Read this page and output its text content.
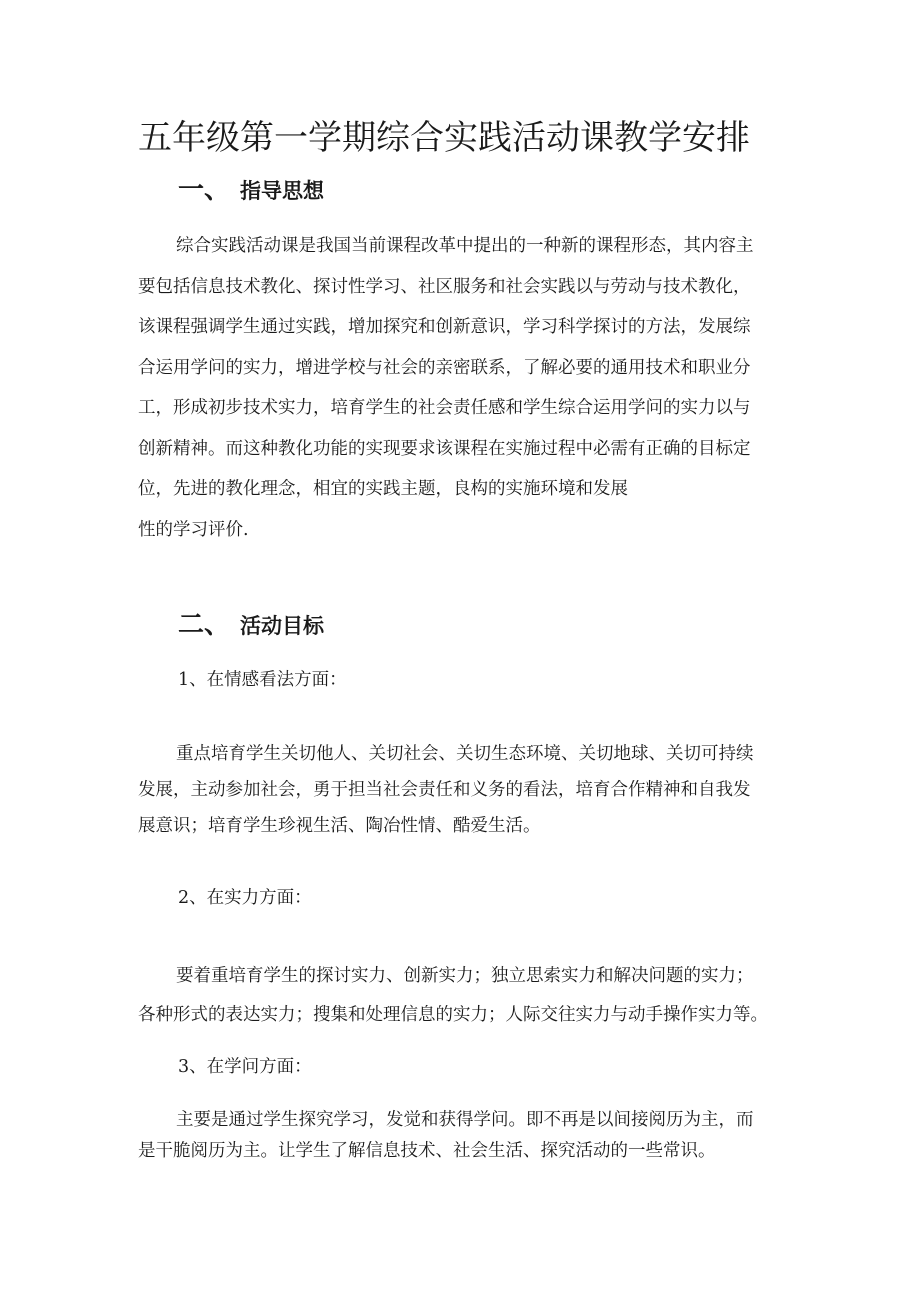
五年级第一学期综合实践活动课教学安排
一、 指导思想

综合实践活动课是我国当前课程改革中提出的一种新的课程形态，其内容主
要包括信息技术教化、探讨性学习、社区服务和社会实践以与劳动与技术教化，
该课程强调学生通过实践，增加探究和创新意识，学习科学探讨的方法，发展综
合运用学问的实力，增进学校与社会的亲密联系，了解必要的通用技术和职业分
工，形成初步技术实力，培育学生的社会责任感和学生综合运用学问的实力以与
创新精神。而这种教化功能的实现要求该课程在实施过程中必需有正确的目标定
位，先进的教化理念，相宜的实践主题，良构的实施环境和发展
性的学习评价.

二、 活动目标

1、在情感看法方面：

重点培育学生关切他人、关切社会、关切生态环境、关切地球、关切可持续
发展，主动参加社会，勇于担当社会责任和义务的看法，培育合作精神和自我发
展意识；培育学生珍视生活、陶冶性情、酷爱生活。

2、在实力方面：

要着重培育学生的探讨实力、创新实力；独立思索实力和解决问题的实力；
各种形式的表达实力；搜集和处理信息的实力；人际交往实力与动手操作实力等。

3、在学问方面：

主要是通过学生探究学习，发觉和获得学问。即不再是以间接阅历为主，而
是干脆阅历为主。让学生了解信息技术、社会生活、探究活动的一些常识。
